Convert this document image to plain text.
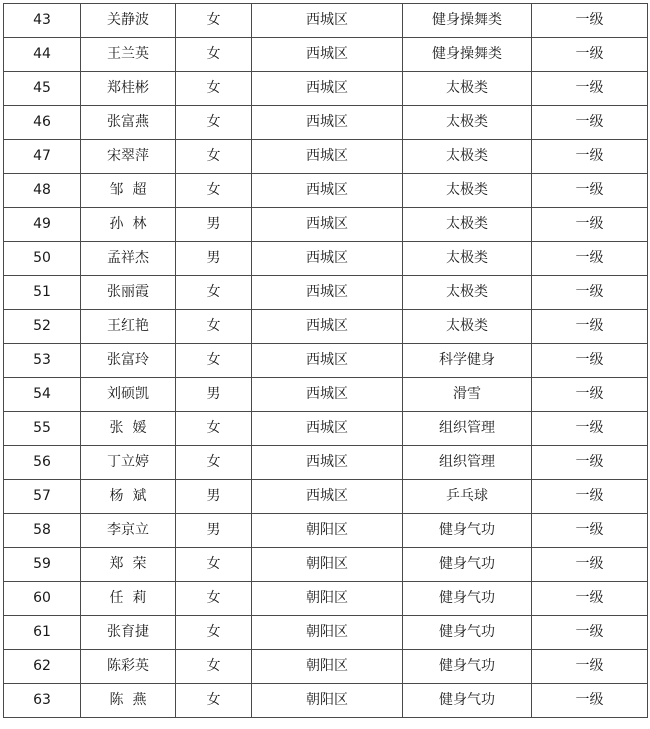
43	关静波	女	西城区	健身操舞类	一级
44	王兰英	女	西城区	健身操舞类	一级
45	郑桂彬	女	西城区	太极类	一级
46	张富燕	女	西城区	太极类	一级
47	宋翠萍	女	西城区	太极类	一级
48	邹  超	女	西城区	太极类	一级
49	孙  林	男	西城区	太极类	一级
50	孟祥杰	男	西城区	太极类	一级
51	张丽霞	女	西城区	太极类	一级
52	王红艳	女	西城区	太极类	一级
53	张富玲	女	西城区	科学健身	一级
54	刘硕凯	男	西城区	滑雪	一级
55	张  媛	女	西城区	组织管理	一级
56	丁立婷	女	西城区	组织管理	一级
57	杨  斌	男	西城区	乒乓球	一级
58	李京立	男	朝阳区	健身气功	一级
59	郑  荣	女	朝阳区	健身气功	一级
60	任  莉	女	朝阳区	健身气功	一级
61	张育捷	女	朝阳区	健身气功	一级
62	陈彩英	女	朝阳区	健身气功	一级
63	陈  燕	女	朝阳区	健身气功	一级
